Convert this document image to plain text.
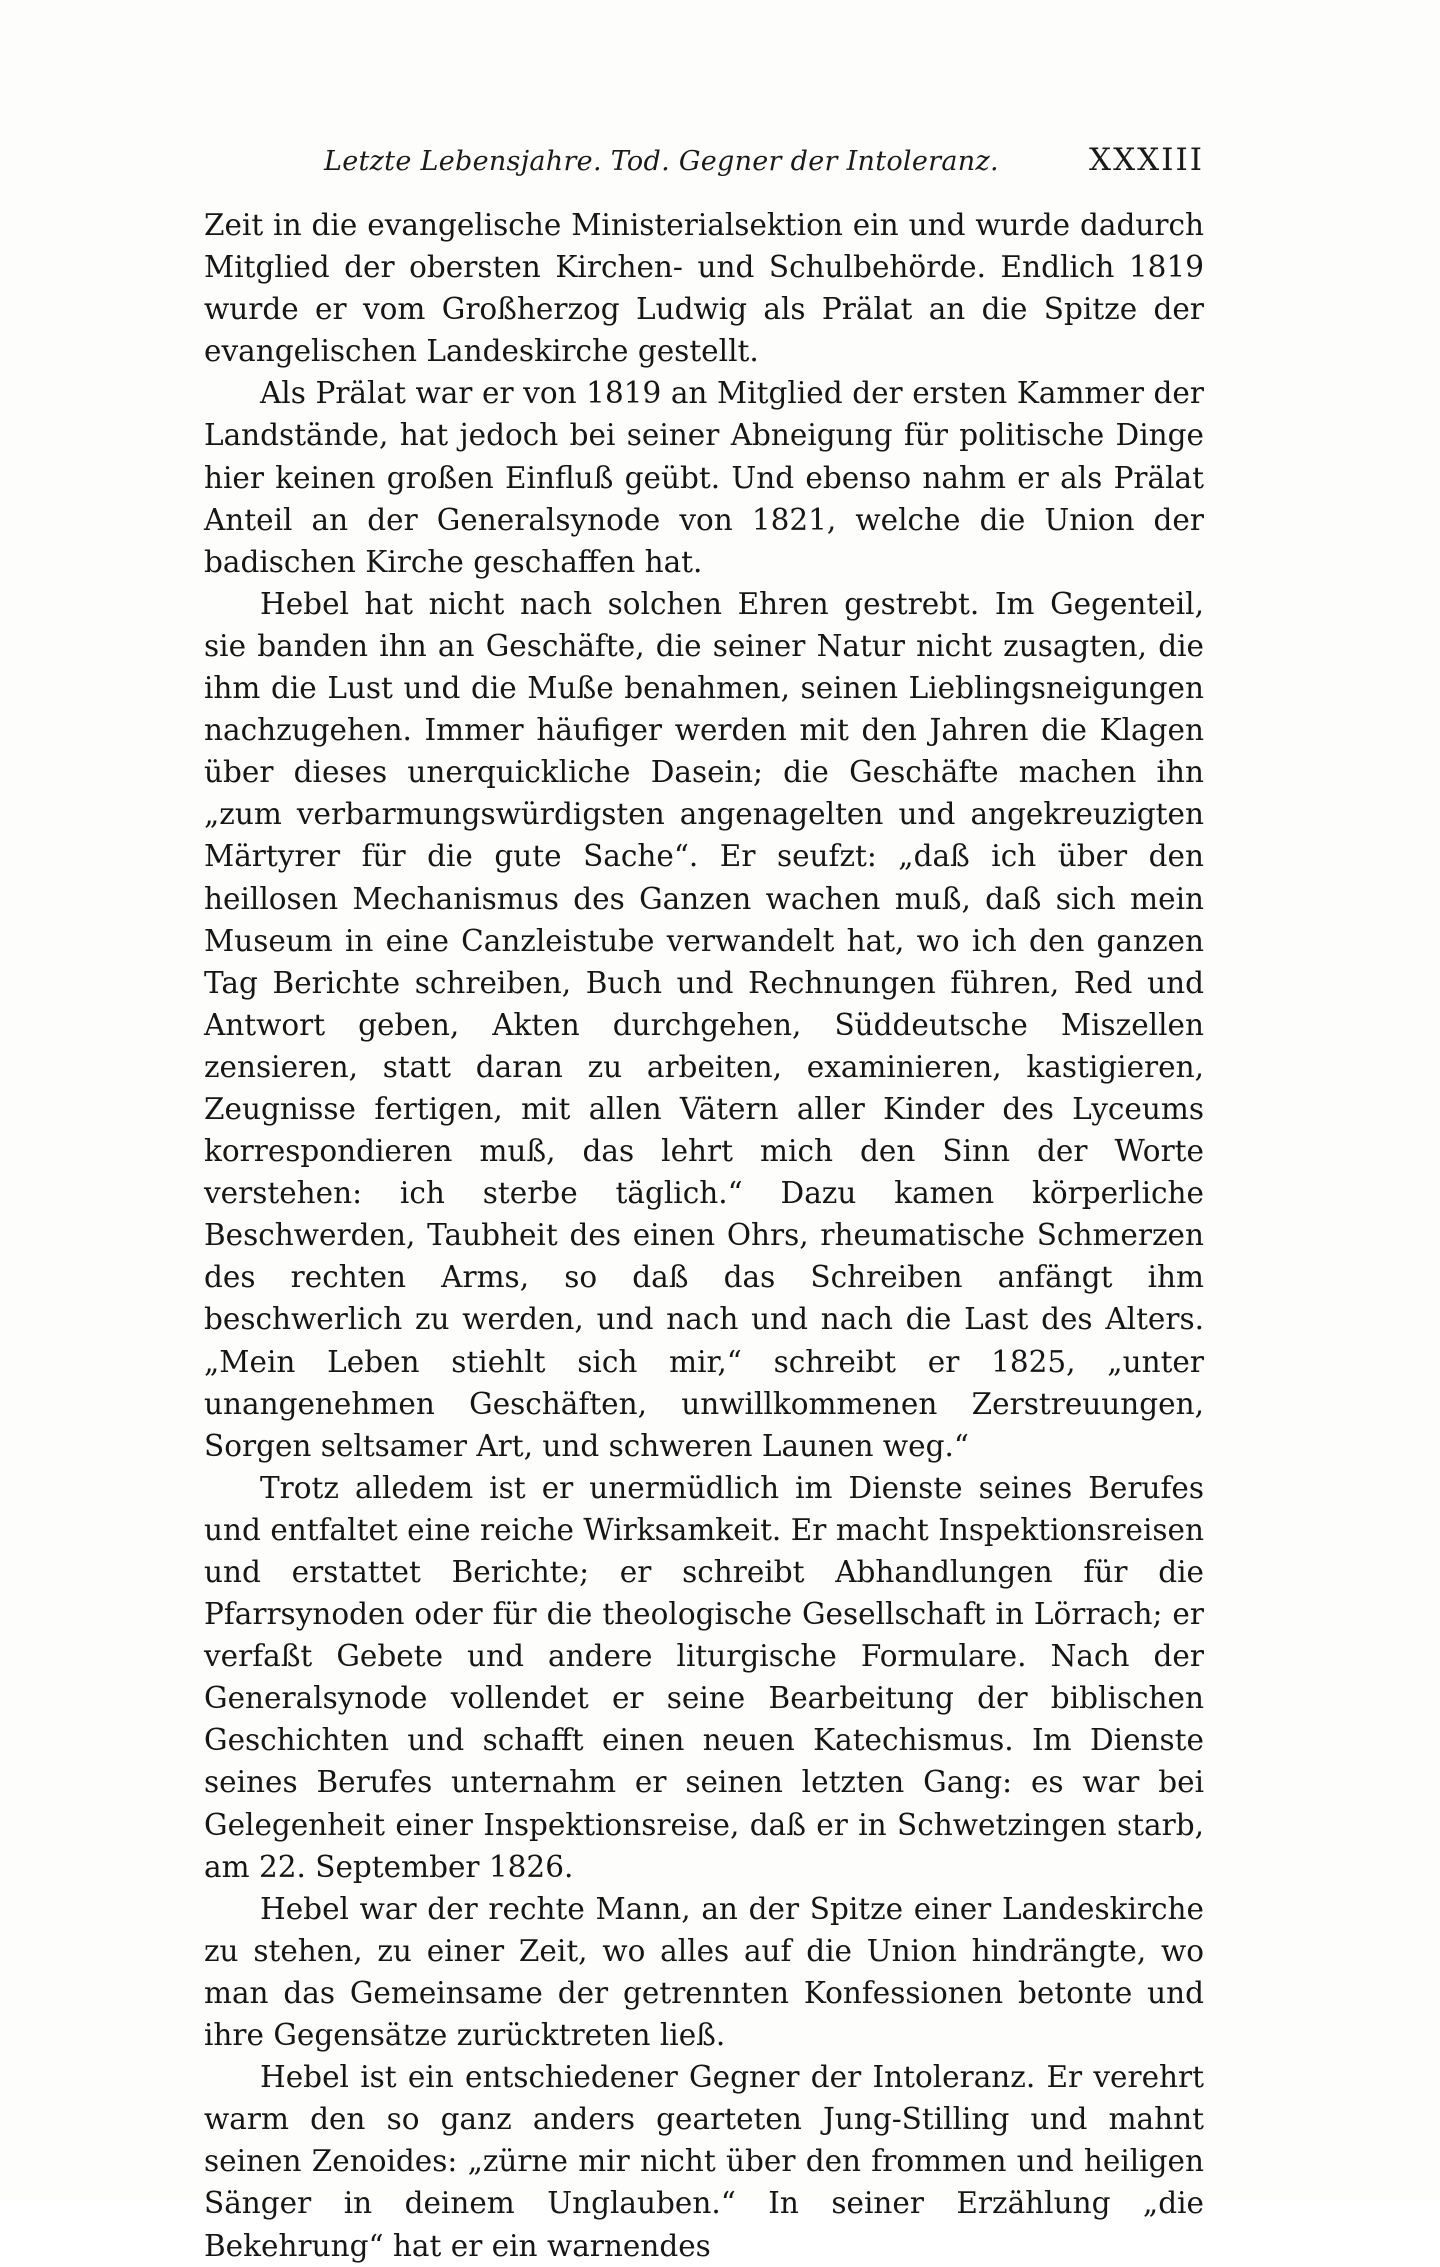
Letzte Lebensjahre. Tod. Gegner der Intoleranz.	XXXIII

Zeit in die evangelische Ministerialsektion ein und wurde dadurch Mitglied der obersten Kirchen- und Schulbehörde. Endlich 1819 wurde er vom Großherzog Ludwig als Prälat an die Spitze der evangelischen Landeskirche gestellt.

Als Prälat war er von 1819 an Mitglied der ersten Kammer der Landstände, hat jedoch bei seiner Abneigung für politische Dinge hier keinen großen Einfluß geübt. Und ebenso nahm er als Prälat Anteil an der Generalsynode von 1821, welche die Union der badischen Kirche geschaffen hat.

Hebel hat nicht nach solchen Ehren gestrebt. Im Gegenteil, sie banden ihn an Geschäfte, die seiner Natur nicht zusagten, die ihm die Lust und die Muße benahmen, seinen Lieblingsneigungen nachzugehen. Immer häufiger werden mit den Jahren die Klagen über dieses unerquickliche Dasein; die Geschäfte machen ihn „zum verbarmungswürdigsten angenagelten und angekreuzigten Märtyrer für die gute Sache“. Er seufzt: „daß ich über den heillosen Mechanismus des Ganzen wachen muß, daß sich mein Museum in eine Canzleistube verwandelt hat, wo ich den ganzen Tag Berichte schreiben, Buch und Rechnungen führen, Red und Antwort geben, Akten durchgehen, Süddeutsche Miszellen zensieren, statt daran zu arbeiten, examinieren, kastigieren, Zeugnisse fertigen, mit allen Vätern aller Kinder des Lyceums korrespondieren muß, das lehrt mich den Sinn der Worte verstehen: ich sterbe täglich.“ Dazu kamen körperliche Beschwerden, Taubheit des einen Ohrs, rheumatische Schmerzen des rechten Arms, so daß das Schreiben anfängt ihm beschwerlich zu werden, und nach und nach die Last des Alters. „Mein Leben stiehlt sich mir,“ schreibt er 1825, „unter unangenehmen Geschäften, unwillkommenen Zerstreuungen, Sorgen seltsamer Art, und schweren Launen weg.“

Trotz alledem ist er unermüdlich im Dienste seines Berufes und entfaltet eine reiche Wirksamkeit. Er macht Inspektionsreisen und erstattet Berichte; er schreibt Abhandlungen für die Pfarrsynoden oder für die theologische Gesellschaft in Lörrach; er verfaßt Gebete und andere liturgische Formulare. Nach der Generalsynode vollendet er seine Bearbeitung der biblischen Geschichten und schafft einen neuen Katechismus. Im Dienste seines Berufes unternahm er seinen letzten Gang: es war bei Gelegenheit einer Inspektionsreise, daß er in Schwetzingen starb, am 22. September 1826.

Hebel war der rechte Mann, an der Spitze einer Landeskirche zu stehen, zu einer Zeit, wo alles auf die Union hindrängte, wo man das Gemeinsame der getrennten Konfessionen betonte und ihre Gegensätze zurücktreten ließ.

Hebel ist ein entschiedener Gegner der Intoleranz. Er verehrt warm den so ganz anders gearteten Jung-Stilling und mahnt seinen Zenoides: „zürne mir nicht über den frommen und heiligen Sänger in deinem Unglauben.“ In seiner Erzählung „die Bekehrung“ hat er ein warnendes
